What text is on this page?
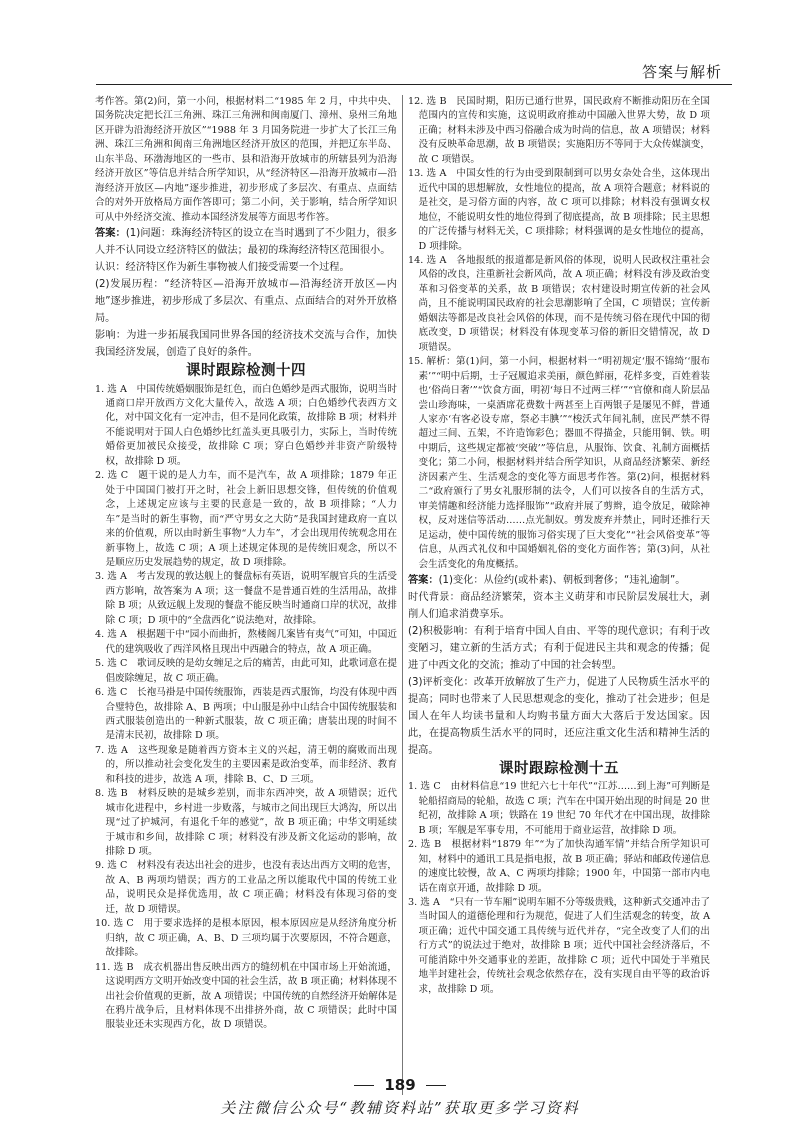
答案与解析

考作答。第(2)问，第一小问，根据材料二“1985 年 2 月，中共中央、国务院决定把长江三角洲、珠江三角洲和闽南厦门、漳州、泉州三角地区开辟为沿海经济开放区”“1988 年 3 月国务院进一步扩大了长江三角洲、珠江三角洲和闽南三角洲地区经济开放区的范围，并把辽东半岛、山东半岛、环渤海地区的一些市、县和沿海开放城市的所辖县列为沿海经济开放区”等信息并结合所学知识，从“经济特区—沿海开放城市—沿海经济开放区—内地”逐步推进，初步形成了多层次、有重点、点面结合的对外开放格局方面作答即可；第二小问，关于影响，结合所学知识可从中外经济交流、推动本国经济发展等方面思考作答。

答案：(1)问题：珠海经济特区的设立在当时遇到了不少阻力，很多人并不认同设立经济特区的做法；最初的珠海经济特区范围很小。

认识：经济特区作为新生事物被人们接受需要一个过程。

(2)发展历程：“经济特区—沿海开放城市—沿海经济开放区—内地”逐步推进，初步形成了多层次、有重点、点面结合的对外开放格局。

影响：为进一步拓展我国同世界各国的经济技术交流与合作，加快我国经济发展，创造了良好的条件。

课时跟踪检测十四

1. 选 A　中国传统婚姻服饰是红色，而白色婚纱是西式服饰，说明当时通商口岸开放西方文化大量传入，故选 A 项；白色婚纱代表西方文化，对中国文化有一定冲击，但不是同化政策，故排除 B 项；材料并不能说明对于国人白色婚纱比红盖头更具吸引力，实际上，当时传统婚俗更加被民众接受，故排除 C 项；穿白色婚纱并非资产阶级特权，故排除 D 项。

2. 选 C　题干说的是人力车，而不是汽车，故 A 项排除；1879 年正处于中国国门被打开之时，社会上新旧思想交锋，但传统的价值观念，上述规定应该与主要的民意是一致的，故 B 项排除；“人力车”是当时的新生事物，而“严守男女之大防”是我国封建政府一直以来的价值观，所以由时新生事物“人力车”，才会出现用传统观念用在新事物上，故选 C 项；A 项上述规定体现的是传统旧观念，所以不是顺应历史发展趋势的规定，故 D 项排除。

3. 选 A　考古发现的敦达舰上的餐盘标有英语，说明军舰官兵的生活受西方影响，故答案为 A 项；这一餐盘不是普通百姓的生活用品，故排除 B 项；从致远舰上发现的餐盘不能反映当时通商口岸的状况，故排除 C 项；D 项中的“全盘西化”说法绝对，故排除。

4. 选 A　根据题干中“园小而曲折，熬楼阁几案皆有夷气”可知，中国近代的建筑吸收了西洋风格且现出中西融合的特点，故 A 项正确。

5. 选 C　歌词反映的是幼女缠足之后的痛苦，由此可知，此歌词意在提倡废除缠足，故 C 项正确。

6. 选 C　长袍马褂是中国传统服饰，西装是西式服饰，均没有体现中西合璧特色，故排除 A、B 两项；中山服是孙中山结合中国传统服装和西式服装创造出的一种新式服装，故 C 项正确；唐装出现的时间不是清末民初，故排除 D 项。

7. 选 A　这些现象是随着西方资本主义的兴起，清王朝的腐败而出现的，所以推动社会变化发生的主要因素是政治变革，而非经济、教育和科技的进步，故选 A 项，排除 B、C、D 三项。

8. 选 B　材料反映的是城乡差别，而非东西冲突，故 A 项错误；近代城市化进程中，乡村进一步败落，与城市之间出现巨大鸿沟，所以出现“过了护城河，有退化千年的感觉”，故 B 项正确；中华文明延续于城市和乡间，故排除 C 项；材料没有涉及新文化运动的影响，故排除 D 项。

9. 选 C　材料没有表达出社会的进步，也没有表达出西方文明的危害，故 A、B 两项均错误；西方的工业品之所以能取代中国的传统工业品，说明民众是择优选用，故 C 项正确；材料没有体现习俗的变迁，故 D 项错误。

10. 选 C　用于要求选择的是根本原因，根本原因应是从经济角度分析归纳，故 C 项正确，A、B、D 三项均属于次要原因，不符合题意，故排除。

11. 选 B　成衣机器出售反映出西方的缝纫机在中国市场上开始流通，这说明西方文明开始改变中国的社会生活，故 B 项正确；材料体现不出社会价值观的更新，故 A 项错误；中国传统的自然经济开始解体是在鸦片战争后，且材料体现不出排挤外商，故 C 项错误；此时中国服装业还未实现西方化，故 D 项错误。

12. 选 B　民国时期，阳历已通行世界，国民政府不断推动阳历在全国范围内的宣传和实施，这说明政府推动中国融入世界大势，故 D 项正确；材料未涉及中西习俗融合成为时尚的信息，故 A 项错误；材料没有反映革命思潮，故 B 项错误；实施阳历不等同于大众传媒演变，故 C 项错误。

13. 选 A　中国女性的行为由受到限制到可以男女杂处合坐，这体现出近代中国的思想解放，女性地位的提高，故 A 项符合题意；材料说的是社交，是习俗方面的内容，故 C 项可以排除；材料没有强调女权地位，不能说明女性的地位得到了彻底提高，故 B 项排除；民主思想的广泛传播与材料无关，C 项排除；材料强调的是女性地位的提高，D 项排除。

14. 选 A　各地报纸的报道都是新风俗的体现，说明人民政权注重社会风俗的改良，注重新社会新风尚，故 A 项正确；材料没有涉及政治变革和习俗变革的关系，故 B 项错误；农村建设时期宣传新的社会风尚，且不能说明国民政府的社会思潮影响了全国，C 项错误；宣传新婚姻法等都是改良社会风俗的体现，而不是传统习俗在现代中国的彻底改变，D 项错误；材料没有体现变革习俗的新旧交错情况，故 D 项错误。

15. 解析：第(1)问，第一小问，根据材料一“明初规定‘服不锦绮’‘服布素’”“明中后期，士子冠履追求美丽，颜色鲜丽，花样多变，百姓着装也‘俗尚日奢’”“饮食方面，明初‘每日不过两三样’”“官僚和商人阶层品尝山珍海味，一桌酒席花费数十两甚至上百两银子是屡见不鲜，普通人家亦‘有客必设专席，祭必丰腆’”“梭沃式年间礼制，庶民严禁不得超过三间、五架，不许造饰彩色；器皿不得描金，只能用铜、铁。明中期后，这些规定都被‘突破’”等信息，从服饰、饮食、礼制方面概括变化；第二小问，根据材料并结合所学知识，从商品经济繁荣、新经济因素产生、生活观念的变化等方面思考作答。第(2)问，根据材料二“政府颁行了男女礼服形制的法令，人们可以按各自的生活方式，审美情趣和经济能力选择服饰”“政府并展了剪辫，追令放足，破除神权，反对迷信等活动……点光制奴。剪发废弃并禁止，同时还推行天足运动，使中国传统的服饰习俗实现了巨大变化”“社会风俗变革”等信息，从西式礼仪和中国婚姻礼俗的变化方面作答；第(3)问，从社会生活变化的角度概括。

答案：(1)变化：从俭约(或朴素)、朝板到奢侈；“违礼逾制”。

时代背景：商品经济繁荣，资本主义萌芽和市民阶层发展壮大，剥削人们追求消费享乐。

(2)积极影响：有利于培育中国人自由、平等的现代意识；有利于改变陋习，建立新的生活方式；有利于促进民主共和观念的传播；促进了中西文化的交流；推动了中国的社会转型。

(3)评析变化：改革开放解放了生产力，促进了人民物质生活水平的提高；同时也带来了人民思想观念的变化，推动了社会进步；但是国人在年人均读书量和人均购书量方面大大落后于发达国家。因此，在提高物质生活水平的同时，还应注重文化生活和精神生活的提高。

课时跟踪检测十五

1. 选 C　由材料信息“19 世纪六七十年代”“江苏……到上海”可判断是轮船招商局的轮船，故选 C 项；汽车在中国开始出现的时间是 20 世纪初，故排除 A 项；铁路在 19 世纪 70 年代才在中国出现，故排除 B 项；军舰是军事专用，不可能用于商业运营，故排除 D 项。

2. 选 B　根据材料“1879 年”“为了加快沟通军情”并结合所学知识可知，材料中的通讯工具是指电报，故 B 项正确；驿站和邮政传递信息的速度比较慢，故 A、C 两项均排除；1900 年，中国第一部市内电话在南京开通，故排除 D 项。

3. 选 A　“只有一节车厢”说明车厢不分等级贵贱，这种新式交通冲击了当时国人的道德伦理和行为规范，促进了人们生活观念的转变，故 A 项正确；近代中国交通工具传统与近代并存，“完全改变了人们的出行方式”的说法过于绝对，故排除 B 项；近代中国社会经济落后，不可能消除中外交通事业的差距，故排除 C 项；近代中国处于半殖民地半封建社会，传统社会观念依然存在，没有实现自由平等的政治诉求，故排除 D 项。

189
关注微信公众号“教辅资料站”获取更多学习资料
